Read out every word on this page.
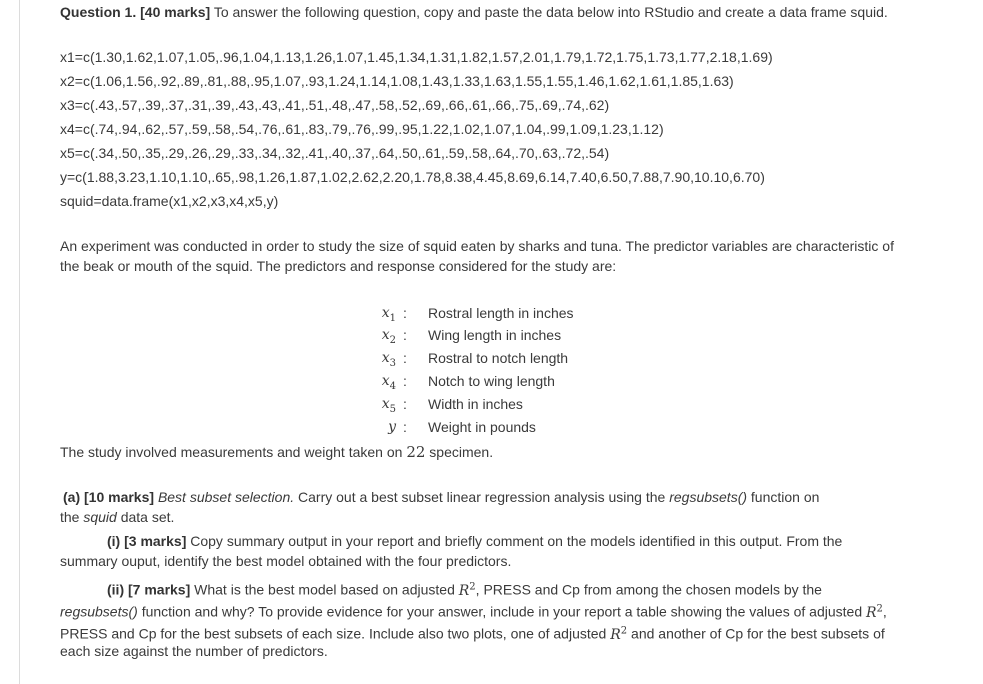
Question 1. [40 marks] To answer the following question, copy and paste the data below into RStudio and create a data frame squid.
x1=c(1.30,1.62,1.07,1.05,.96,1.04,1.13,1.26,1.07,1.45,1.34,1.31,1.82,1.57,2.01,1.79,1.72,1.75,1.73,1.77,2.18,1.69)
x2=c(1.06,1.56,.92,.89,.81,.88,.95,1.07,.93,1.24,1.14,1.08,1.43,1.33,1.63,1.55,1.55,1.46,1.62,1.61,1.85,1.63)
x3=c(.43,.57,.39,.37,.31,.39,.43,.43,.41,.51,.48,.47,.58,.52,.69,.66,.61,.66,.75,.69,.74,.62)
x4=c(.74,.94,.62,.57,.59,.58,.54,.76,.61,.83,.79,.76,.99,.95,1.22,1.02,1.07,1.04,.99,1.09,1.23,1.12)
x5=c(.34,.50,.35,.29,.26,.29,.33,.34,.32,.41,.40,.37,.64,.50,.61,.59,.58,.64,.70,.63,.72,.54)
y=c(1.88,3.23,1.10,1.10,.65,.98,1.26,1.87,1.02,2.62,2.20,1.78,8.38,4.45,8.69,6.14,7.40,6.50,7.88,7.90,10.10,6.70)
squid=data.frame(x1,x2,x3,x4,x5,y)
An experiment was conducted in order to study the size of squid eaten by sharks and tuna. The predictor variables are characteristic of
the beak or mouth of the squid. The predictors and response considered for the study are:
$x_1$ : Rostral length in inches
$x_2$ : Wing length in inches
$x_3$ : Rostral to notch length
$x_4$ : Notch to wing length
$x_5$ : Width in inches
y : Weight in pounds
The study involved measurements and weight taken on 22 specimen.
(a) [10 marks] Best subset selection. Carry out a best subset linear regression analysis using the regsubsets() function on
the squid data set.
(i) [3 marks] Copy summary output in your report and briefly comment on the models identified in this output. From the
summary ouput, identify the best model obtained with the four predictors.
(ii) [7 marks] What is the best model based on adjusted $R^2$, PRESS and Cp from among the chosen models by the
regsubsets() function and why? To provide evidence for your answer, include in your report a table showing the values of adjusted $R^2$,
PRESS and Cp for the best subsets of each size. Include also two plots, one of adjusted $R^2$ and another of Cp for the best subsets of
each size against the number of predictors.
